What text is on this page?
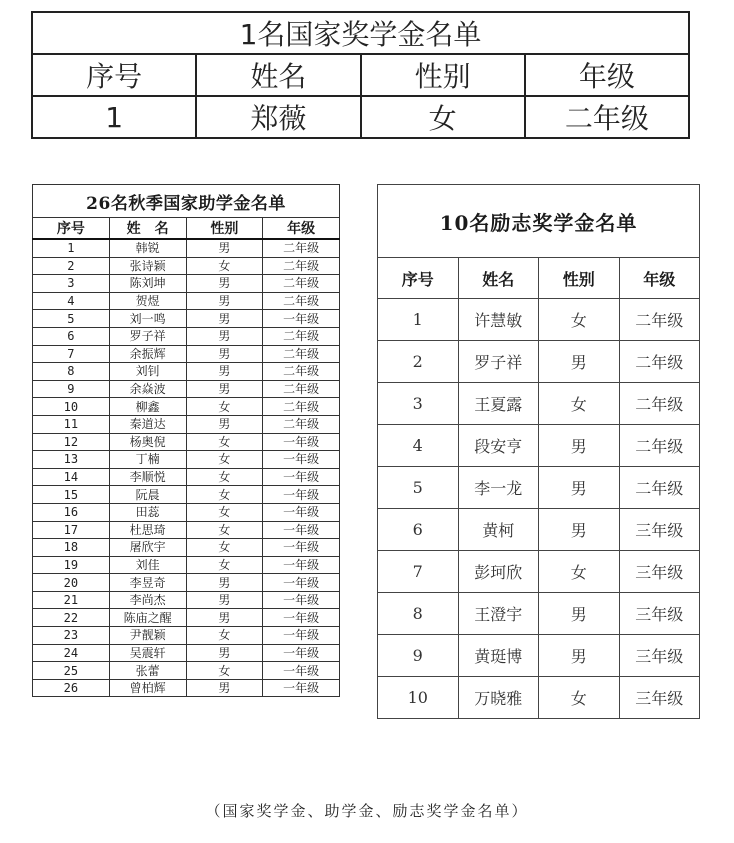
1名国家奖学金名单			
序号	姓名	性别	年级
1	郑薇	女	二年级
26名秋季国家助学金名单			
序号	姓　名	性别	年级
1	韩锐	男	二年级
2	张诗颖	女	二年级
3	陈刘坤	男	二年级
4	贺煜	男	二年级
5	刘一鸣	男	一年级
6	罗子祥	男	二年级
7	余振辉	男	二年级
8	刘钊	男	二年级
9	余焱波	男	二年级
10	柳鑫	女	二年级
11	秦道达	男	二年级
12	杨奥倪	女	一年级
13	丁楠	女	一年级
14	李顺悦	女	一年级
15	阮晨	女	一年级
16	田蕊	女	一年级
17	杜思琦	女	一年级
18	屠欣宇	女	一年级
19	刘佳	女	一年级
20	李昱奇	男	一年级
21	李尚杰	男	一年级
22	陈庙之醒	男	一年级
23	尹靓颖	女	一年级
24	吴震轩	男	一年级
25	张蕾	女	一年级
26	曾柏辉	男	一年级
10名励志奖学金名单			
序号	姓名	性别	年级
1	许慧敏	女	二年级
2	罗子祥	男	二年级
3	王夏露	女	二年级
4	段安亨	男	二年级
5	李一龙	男	二年级
6	黄柯	男	三年级
7	彭珂欣	女	三年级
8	王澄宇	男	三年级
9	黄珽博	男	三年级
10	万晓雅	女	三年级
（国家奖学金、助学金、励志奖学金名单）
